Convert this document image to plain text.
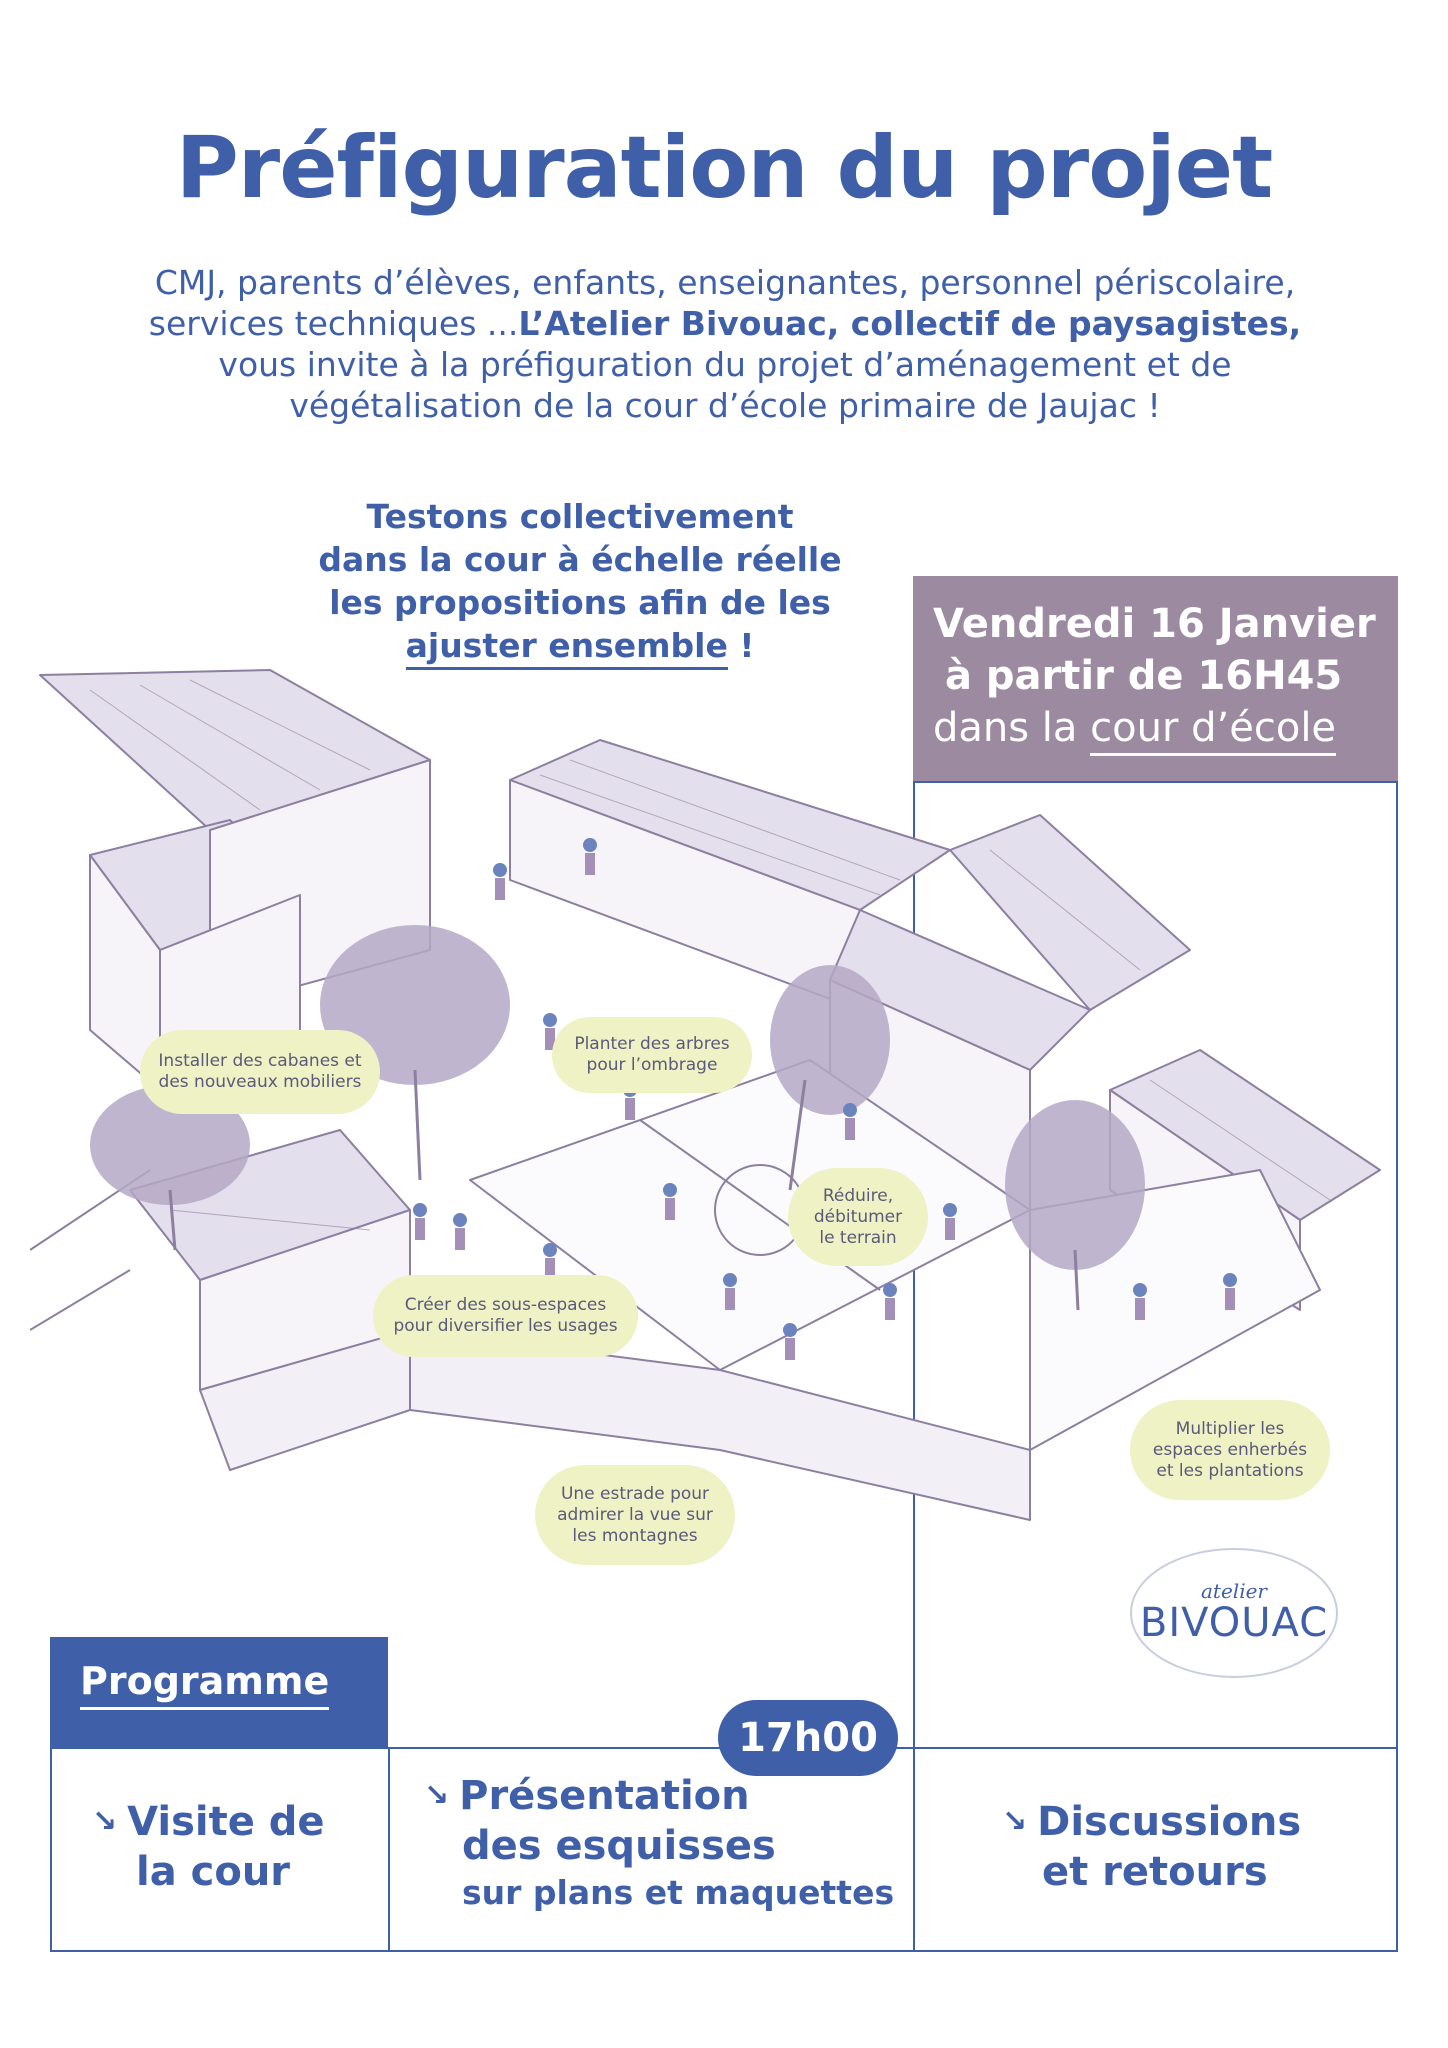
Préfiguration du projet
CMJ, parents d’élèves, enfants, enseignantes, personnel périscolaire,
services techniques ...L’Atelier Bivouac, collectif de paysagistes,
vous invite à la préfiguration du projet d’aménagement et de
végétalisation de la cour d’école primaire de Jaujac !
Testons collectivement
dans la cour à échelle réelle
les propositions afin de les
ajuster ensemble !
Installer des cabanes et
des nouveaux mobiliers
Planter des arbres
pour l’ombrage
Réduire,
débitumer
le terrain
Créer des sous-espaces
pour diversifier les usages
Une estrade pour
admirer la vue sur
les montagnes
Multiplier les
espaces enherbés
et les plantations
Vendredi 16 Janvier
à partir de 16H45
dans la cour d’école
atelier
BIVOUAC
Programme
↘ Visite de
la cour
↘ Présentation
des esquisses
sur plans et maquettes
↘ Discussions
et retours
17h00
